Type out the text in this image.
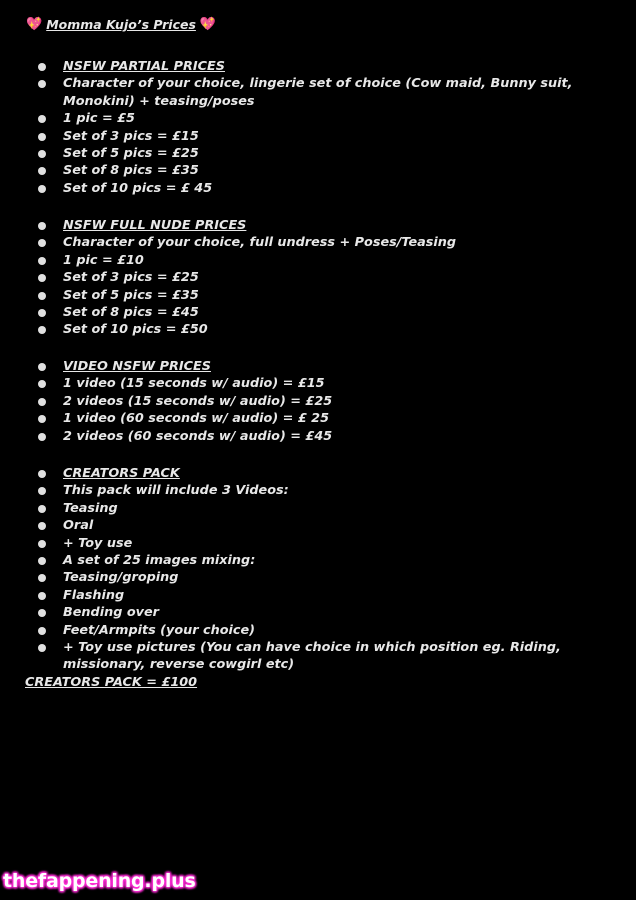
💖 Momma Kujo’s Prices 💖
NSFW PARTIAL PRICES
Character of your choice, lingerie set of choice (Cow maid, Bunny suit, Monokini) + teasing/poses
1 pic = £5
Set of 3 pics = £15
Set of 5 pics = £25
Set of 8 pics = £35
Set of 10 pics = £ 45
NSFW FULL NUDE PRICES
Character of your choice, full undress + Poses/Teasing
1 pic = £10
Set of 3 pics = £25
Set of 5 pics = £35
Set of 8 pics = £45
Set of 10 pics = £50
VIDEO NSFW PRICES
1 video (15 seconds w/ audio) = £15
2 videos (15 seconds w/ audio) = £25
1 video (60 seconds w/ audio) = £ 25
2 videos (60 seconds w/ audio) = £45
CREATORS PACK
This pack will include 3 Videos:
Teasing
Oral
+ Toy use
A set of 25 images mixing:
Teasing/groping
Flashing
Bending over
Feet/Armpits (your choice)
+ Toy use pictures (You can have choice in which position eg. Riding, missionary, reverse cowgirl etc)
CREATORS PACK = £100
thefappening.plus
